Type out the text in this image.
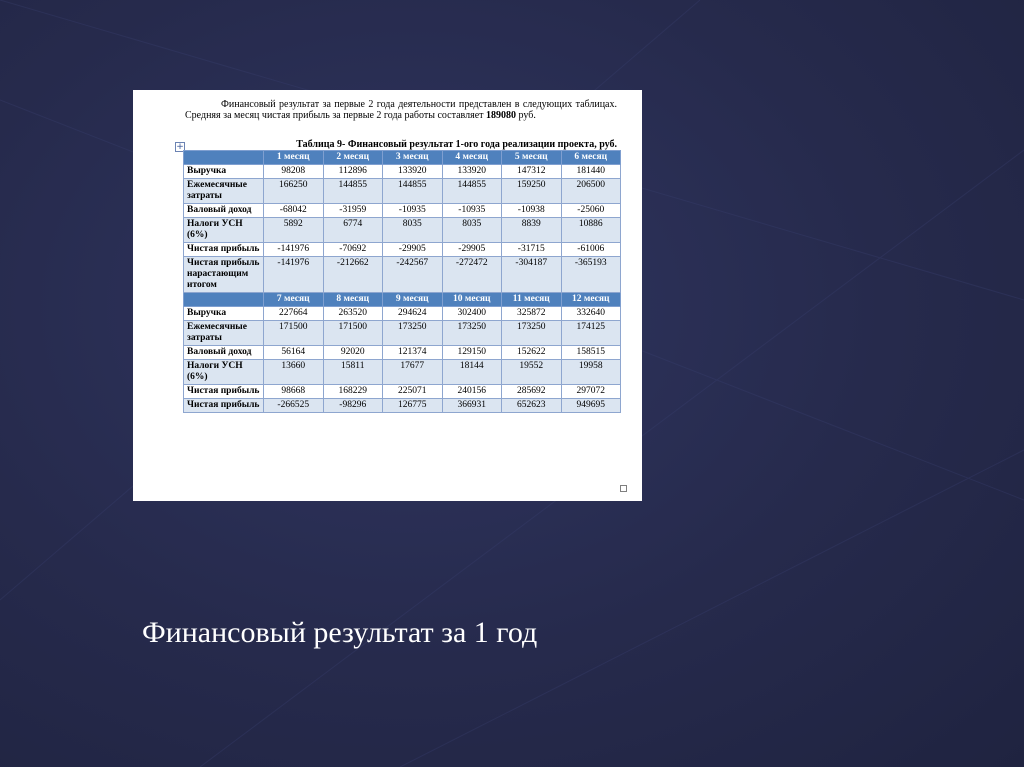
Финансовый результат за первые 2 года деятельности представлен в следующих таблицах. Средняя за месяц чистая прибыль за первые 2 года работы составляет 189080 руб.

+	Таблица 9- Финансовый результат 1-ого года реализации проекта, руб.
	1 месяц	2 месяц	3 месяц	4 месяц	5 месяц	6 месяц
Выручка	98208	112896	133920	133920	147312	181440
Ежемесячные затраты	166250	144855	144855	144855	159250	206500
Валовый доход	-68042	-31959	-10935	-10935	-10938	-25060
Налоги УСН (6%)	5892	6774	8035	8035	8839	10886
Чистая прибыль	-141976	-70692	-29905	-29905	-31715	-61006
Чистая прибыль нарастающим итогом	-141976	-212662	-242567	-272472	-304187	-365193
	7 месяц	8 месяц	9 месяц	10 месяц	11 месяц	12 месяц
Выручка	227664	263520	294624	302400	325872	332640
Ежемесячные затраты	171500	171500	173250	173250	173250	174125
Валовый доход	56164	92020	121374	129150	152622	158515
Налоги УСН (6%)	13660	15811	17677	18144	19552	19958
Чистая прибыль	98668	168229	225071	240156	285692	297072
Чистая прибыль	-266525	-98296	126775	366931	652623	949695
Финансовый результат за 1 год
